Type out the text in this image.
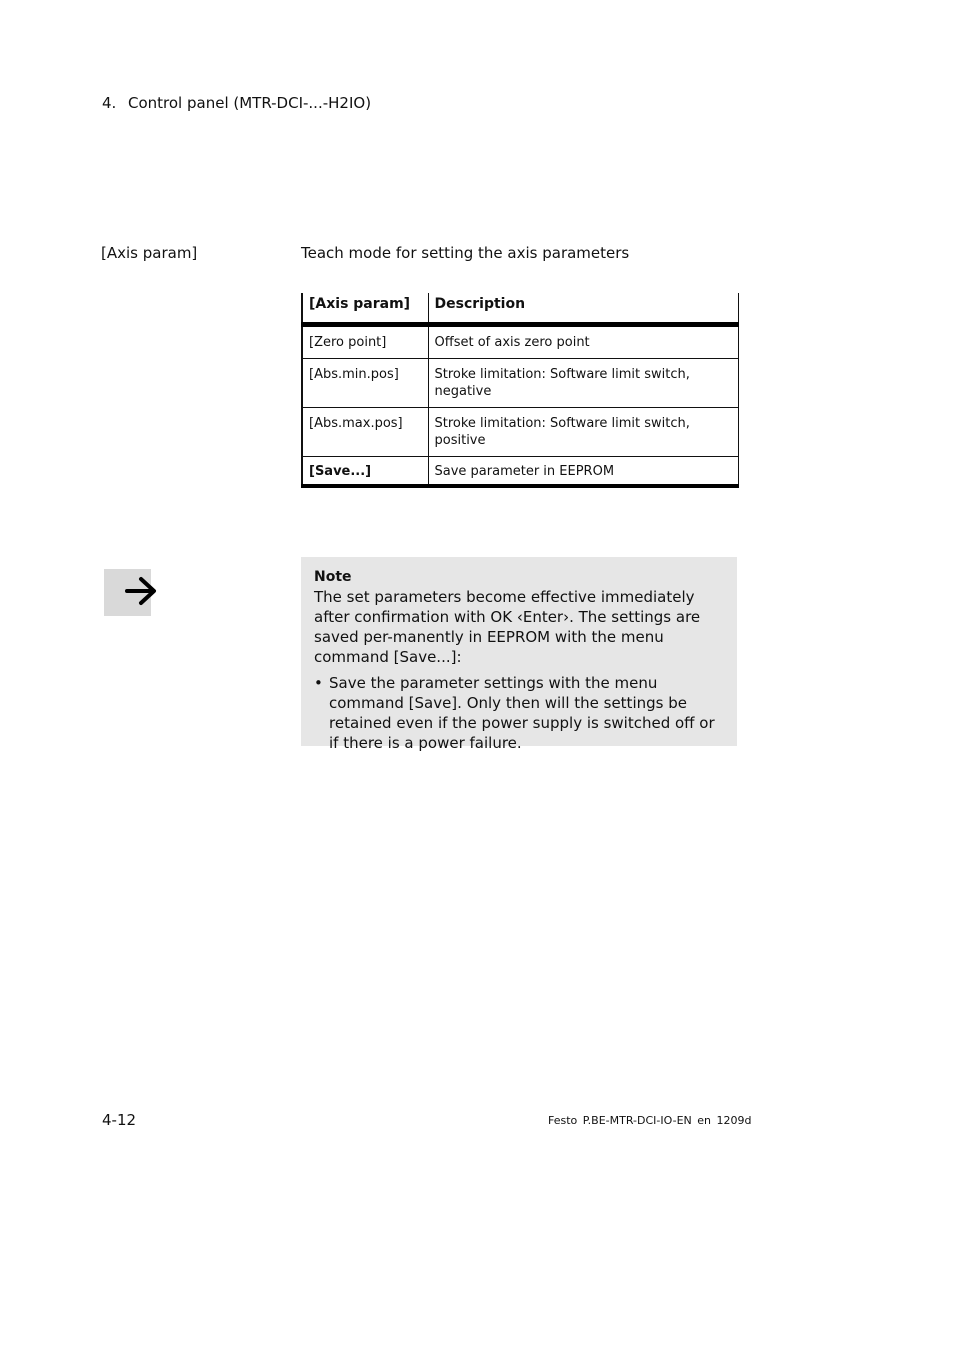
4. Control panel (MTR-DCI-...-H2IO)
[Axis param]	Teach mode for setting the axis parameters
[Axis param]	Description
[Zero point]	Offset of axis zero point
[Abs.min.pos]	Stroke limitation: Software limit switch, negative
[Abs.max.pos]	Stroke limitation: Software limit switch, positive
[Save...]	Save parameter in EEPROM
Note
The set parameters become effective immediately after confirmation with OK ‹Enter›. The settings are saved per-manently in EEPROM with the menu command [Save...]:
• Save the parameter settings with the menu command [Save]. Only then will the settings be retained even if the power supply is switched off or if there is a power failure.
4-12	Festo P.BE-MTR-DCI-IO-EN en 1209d
